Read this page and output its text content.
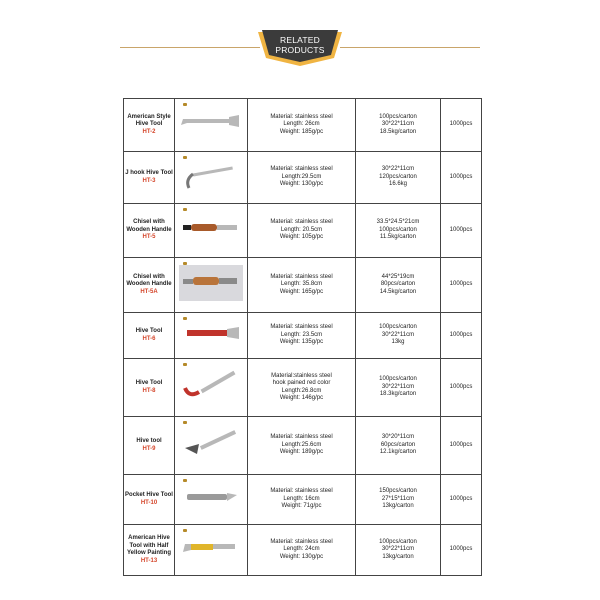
RELATED
PRODUCTS
American Style Hive Tool
HT-2		Material: stainless steel
Length: 26cm
Weight: 185g/pc	100pcs/carton
30*22*11cm
18.5kg/carton	1000pcs

J hook Hive Tool
HT-3		Material: stainless steel
Length:29.5cm
Weight: 130g/pc	30*22*11cm
120pcs/carton
16.6kg	1000pcs

Chisel with Wooden Handle
HT-5		Material: stainless steel
Length: 20.5cm
Weight: 105g/pc	33.5*24.5*21cm
100pcs/carton
11.5kg/carton	1000pcs

Chisel with Wooden Handle
HT-5A		Material: stainless steel
Length: 35.8cm
Weight: 165g/pc	44*25*19cm
80pcs/carton
14.5kg/carton	1000pcs

Hive Tool
HT-6		Material: stainless steel
Length: 23.5cm
Weight: 135g/pc	100pcs/carton
30*22*11cm
13kg	1000pcs

Hive Tool
HT-8		Material:stainless steel
hook pained red color
Length:26.8cm
Weight: 146g/pc	100pcs/carton
30*22*11cm
18.3kg/carton	1000pcs

Hive tool
HT-9		Material: stainless steel
Length:25.6cm
Weight: 189g/pc	30*20*11cm
60pcs/carton
12.1kg/carton	1000pcs

Pocket Hive Tool
HT-10		Material: stainless steel
Length: 16cm
Weight: 71g/pc	150pcs/carton
27*15*11cm
13kg/carton	1000pcs

American Hive Tool with Half Yellow Painting
HT-13		Material: stainless steel
Length: 24cm
Weight: 130g/pc	100pcs/carton
30*22*11cm
13kg/carton	1000pcs
